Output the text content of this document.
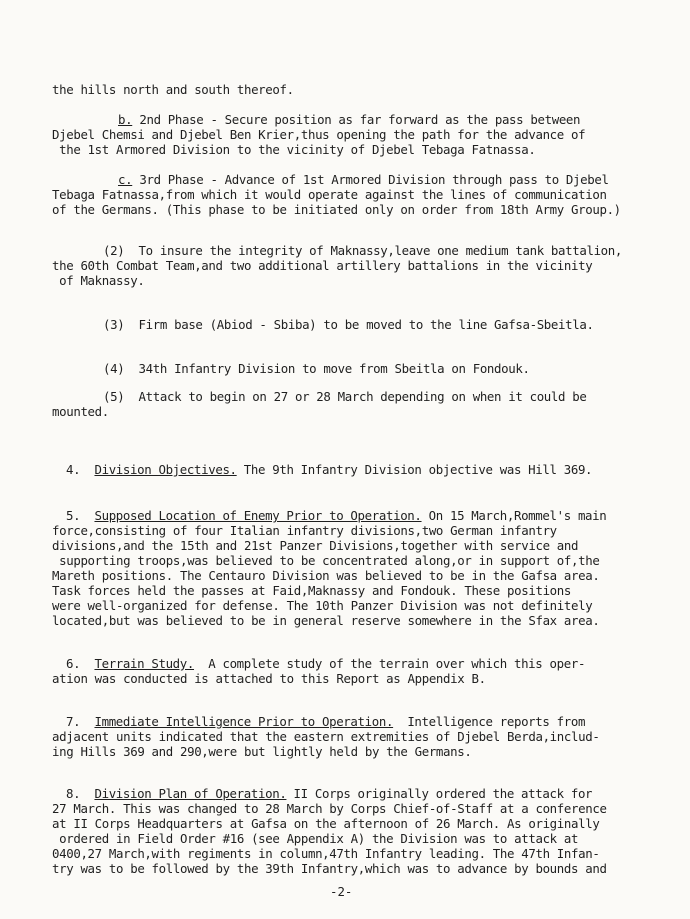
the hills north and south thereof.
b. 2nd Phase - Secure position as far forward as the pass between
Djebel Chemsi and Djebel Ben Krier,thus opening the path for the advance of
the 1st Armored Division to the vicinity of Djebel Tebaga Fatnassa.
c. 3rd Phase - Advance of 1st Armored Division through pass to Djebel
Tebaga Fatnassa,from which it would operate against the lines of communication
of the Germans. (This phase to be initiated only on order from 18th Army Group.)
(2)  To insure the integrity of Maknassy,leave one medium tank battalion,
the 60th Combat Team,and two additional artillery battalions in the vicinity
of Maknassy.
(3)  Firm base (Abiod - Sbiba) to be moved to the line Gafsa-Sbeitla.
(4)  34th Infantry Division to move from Sbeitla on Fondouk.
(5)  Attack to begin on 27 or 28 March depending on when it could be
mounted.
4. Division Objectives. The 9th Infantry Division objective was Hill 369.
5. Supposed Location of Enemy Prior to Operation. On 15 March,Rommel's main
force,consisting of four Italian infantry divisions,two German infantry
divisions,and the 15th and 21st Panzer Divisions,together with service and
supporting troops,was believed to be concentrated along,or in support of,the
Mareth positions. The Centauro Division was believed to be in the Gafsa area.
Task forces held the passes at Faid,Maknassy and Fondouk. These positions
were well-organized for defense. The 10th Panzer Division was not definitely
located,but was believed to be in general reserve somewhere in the Sfax area.
6. Terrain Study.  A complete study of the terrain over which this oper-
ation was conducted is attached to this Report as Appendix B.
7. Immediate Intelligence Prior to Operation.  Intelligence reports from
adjacent units indicated that the eastern extremities of Djebel Berda,includ-
ing Hills 369 and 290,were but lightly held by the Germans.
8. Division Plan of Operation. II Corps originally ordered the attack for
27 March. This was changed to 28 March by Corps Chief-of-Staff at a conference
at II Corps Headquarters at Gafsa on the afternoon of 26 March. As originally
ordered in Field Order #16 (see Appendix A) the Division was to attack at
0400,27 March,with regiments in column,47th Infantry leading. The 47th Infan-
try was to be followed by the 39th Infantry,which was to advance by bounds and
-2-
